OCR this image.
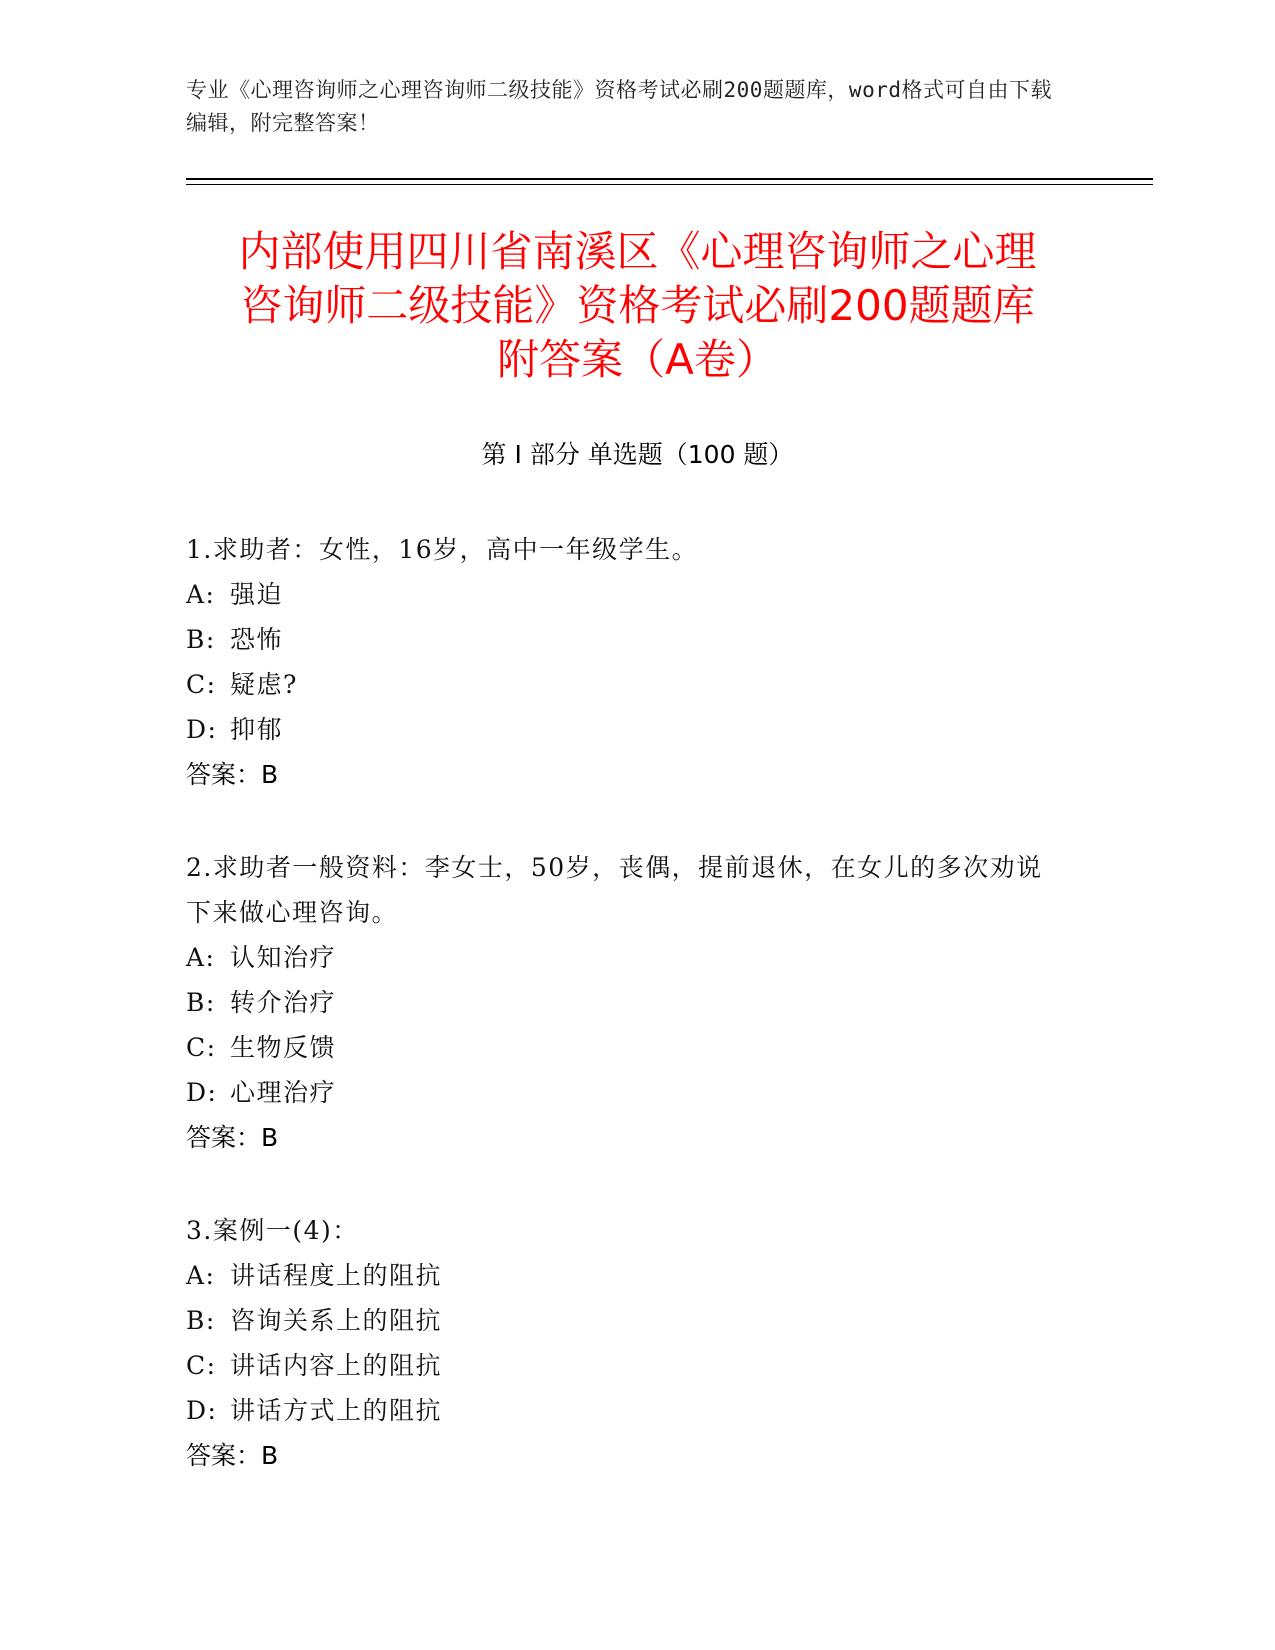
专业《心理咨询师之心理咨询师二级技能》资格考试必刷200题题库，word格式可自由下载编辑，附完整答案！
内部使用四川省南溪区《心理咨询师之心理
咨询师二级技能》资格考试必刷200题题库
附答案（A卷）
第 I 部分 单选题（100 题）
1.求助者：女性，16岁，高中一年级学生。
A: 强迫
B: 恐怖
C: 疑虑?
D: 抑郁
答案：B
2.求助者一般资料：李女士，50岁，丧偶，提前退休，在女儿的多次劝说下来做心理咨询。
A: 认知治疗
B: 转介治疗
C: 生物反馈
D: 心理治疗
答案：B
3.案例一(4)：
A: 讲话程度上的阻抗
B: 咨询关系上的阻抗
C: 讲话内容上的阻抗
D: 讲话方式上的阻抗
答案：B
